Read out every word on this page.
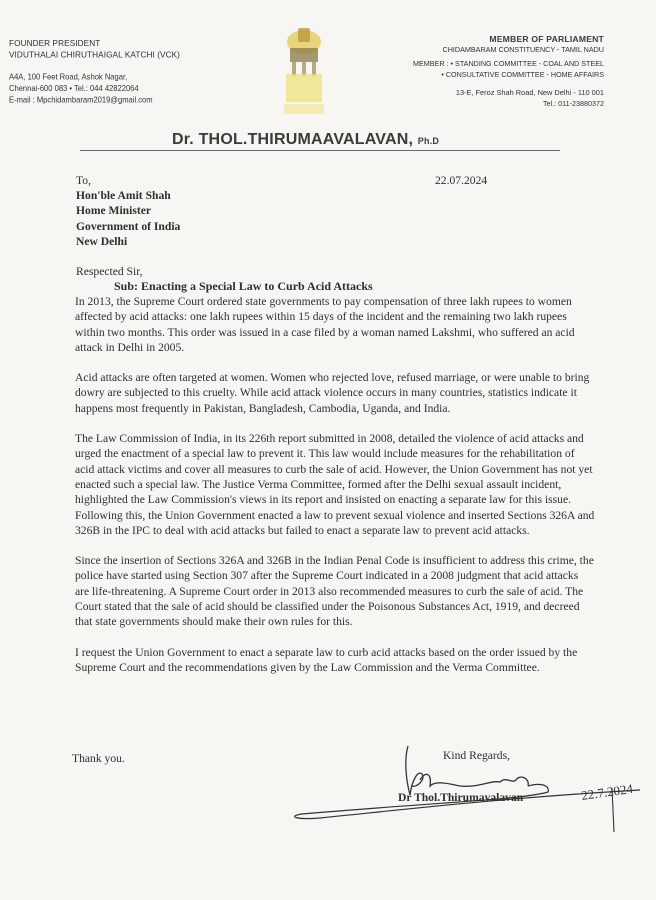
FOUNDER PRESIDENT
VIDUTHALAI CHIRUTHAIGAL KATCHI (VCK)
A4A, 100 Feet Road, Ashok Nagar,
Chennai-600 083 • Tel.: 044 42822064
E-mail : Mpchidambaram2019@gmail.com
MEMBER OF PARLIAMENT
CHIDAMBARAM CONSTITUENCY - TAMIL NADU
MEMBER : • STANDING COMMITTEE - COAL AND STEEL
• CONSULTATIVE COMMITTEE - HOME AFFAIRS
13-E, Feroz Shah Road, New Delhi - 110 001
Tel.: 011-23880372
Dr. THOL.THIRUMAAVALAVAN, Ph.D
To,	22.07.2024
Hon'ble Amit Shah
Home Minister
Government of India
New Delhi
Respected Sir,
Sub: Enacting a Special Law to Curb Acid Attacks

In 2013, the Supreme Court ordered state governments to pay compensation of three lakh rupees to women affected by acid attacks: one lakh rupees within 15 days of the incident and the remaining two lakh rupees within two months. This order was issued in a case filed by a woman named Lakshmi, who suffered an acid attack in Delhi in 2005.

Acid attacks are often targeted at women. Women who rejected love, refused marriage, or were unable to bring dowry are subjected to this cruelty. While acid attack violence occurs in many countries, statistics indicate it happens most frequently in Pakistan, Bangladesh, Cambodia, Uganda, and India.

The Law Commission of India, in its 226th report submitted in 2008, detailed the violence of acid attacks and urged the enactment of a special law to prevent it. This law would include measures for the rehabilitation of acid attack victims and cover all measures to curb the sale of acid. However, the Union Government has not yet enacted such a special law. The Justice Verma Committee, formed after the Delhi sexual assault incident, highlighted the Law Commission's views in its report and insisted on enacting a separate law for this issue. Following this, the Union Government enacted a law to prevent sexual violence and inserted Sections 326A and 326B in the IPC to deal with acid attacks but failed to enact a separate law to prevent acid attacks.

Since the insertion of Sections 326A and 326B in the Indian Penal Code is insufficient to address this crime, the police have started using Section 307 after the Supreme Court indicated in a 2008 judgment that acid attacks are life-threatening. A Supreme Court order in 2013 also recommended measures to curb the sale of acid. The Court stated that the sale of acid should be classified under the Poisonous Substances Act, 1919, and decreed that state governments should make their own rules for this.

I request the Union Government to enact a separate law to curb acid attacks based on the order issued by the Supreme Court and the recommendations given by the Law Commission and the Verma Committee.

Thank you.	Kind Regards,
22.7.2024
Dr Thol.Thirumavalavan
